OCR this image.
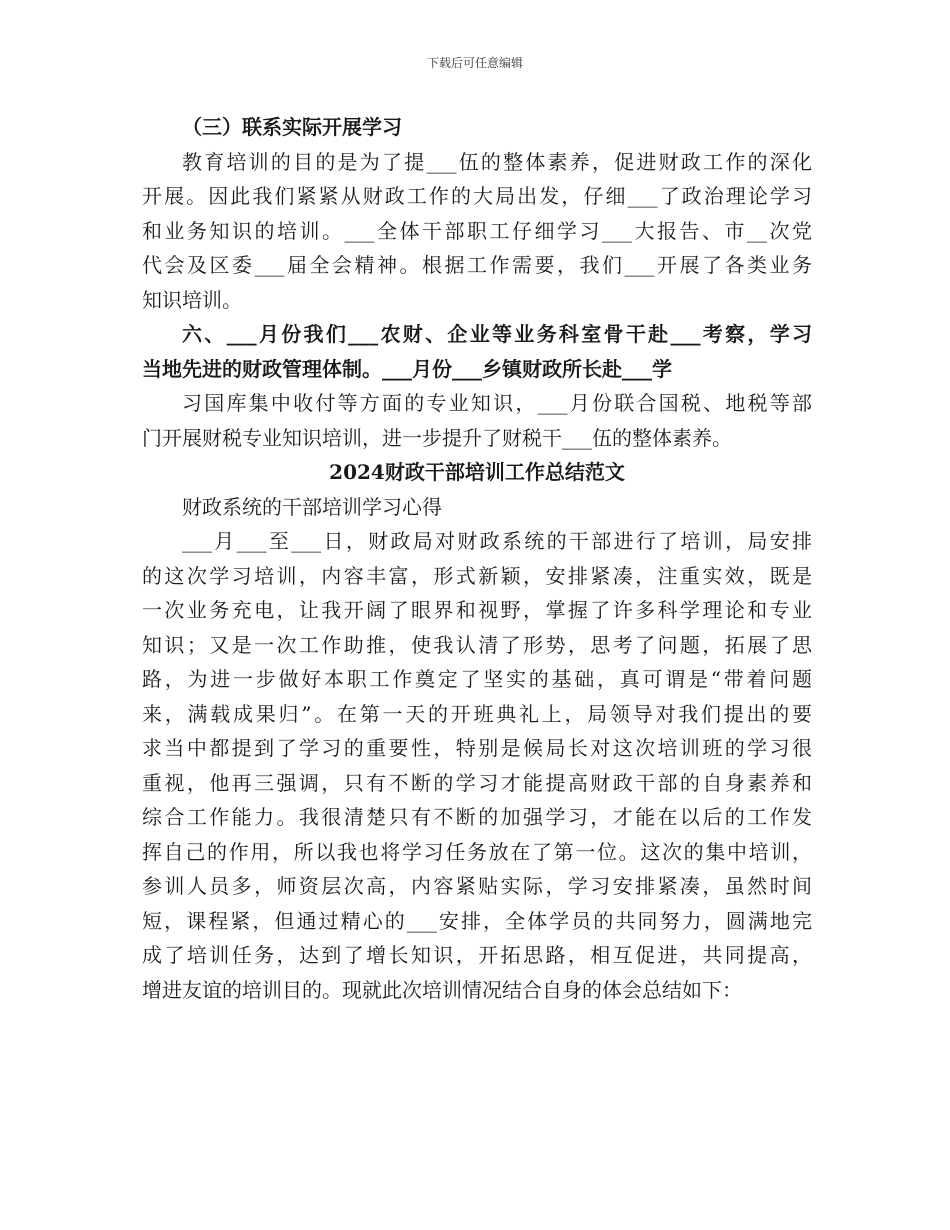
下载后可任意编辑
（三）联系实际开展学习
教育培训的目的是为了提___伍的整体素养，促进财政工作的深化
开展。因此我们紧紧从财政工作的大局出发，仔细___了政治理论学习
和业务知识的培训。___全体干部职工仔细学习___大报告、市__次党
代会及区委___届全会精神。根据工作需要，我们___开展了各类业务
知识培训。
六、___月份我们___农财、企业等业务科室骨干赴___考察，学习
当地先进的财政管理体制。___月份___乡镇财政所长赴___学
习国库集中收付等方面的专业知识，___月份联合国税、地税等部
门开展财税专业知识培训，进一步提升了财税干___伍的整体素养。
2024财政干部培训工作总结范文
财政系统的干部培训学习心得
___月___至___日，财政局对财政系统的干部进行了培训，局安排
的这次学习培训，内容丰富，形式新颖，安排紧凑，注重实效，既是
一次业务充电，让我开阔了眼界和视野，掌握了许多科学理论和专业
知识；又是一次工作助推，使我认清了形势，思考了问题，拓展了思
路，为进一步做好本职工作奠定了坚实的基础，真可谓是“带着问题
来，满载成果归”。在第一天的开班典礼上，局领导对我们提出的要
求当中都提到了学习的重要性，特别是候局长对这次培训班的学习很
重视，他再三强调，只有不断的学习才能提高财政干部的自身素养和
综合工作能力。我很清楚只有不断的加强学习，才能在以后的工作发
挥自己的作用，所以我也将学习任务放在了第一位。这次的集中培训，
参训人员多，师资层次高，内容紧贴实际，学习安排紧凑，虽然时间
短，课程紧，但通过精心的___安排，全体学员的共同努力，圆满地完
成了培训任务，达到了增长知识，开拓思路，相互促进，共同提高，
增进友谊的培训目的。现就此次培训情况结合自身的体会总结如下：
